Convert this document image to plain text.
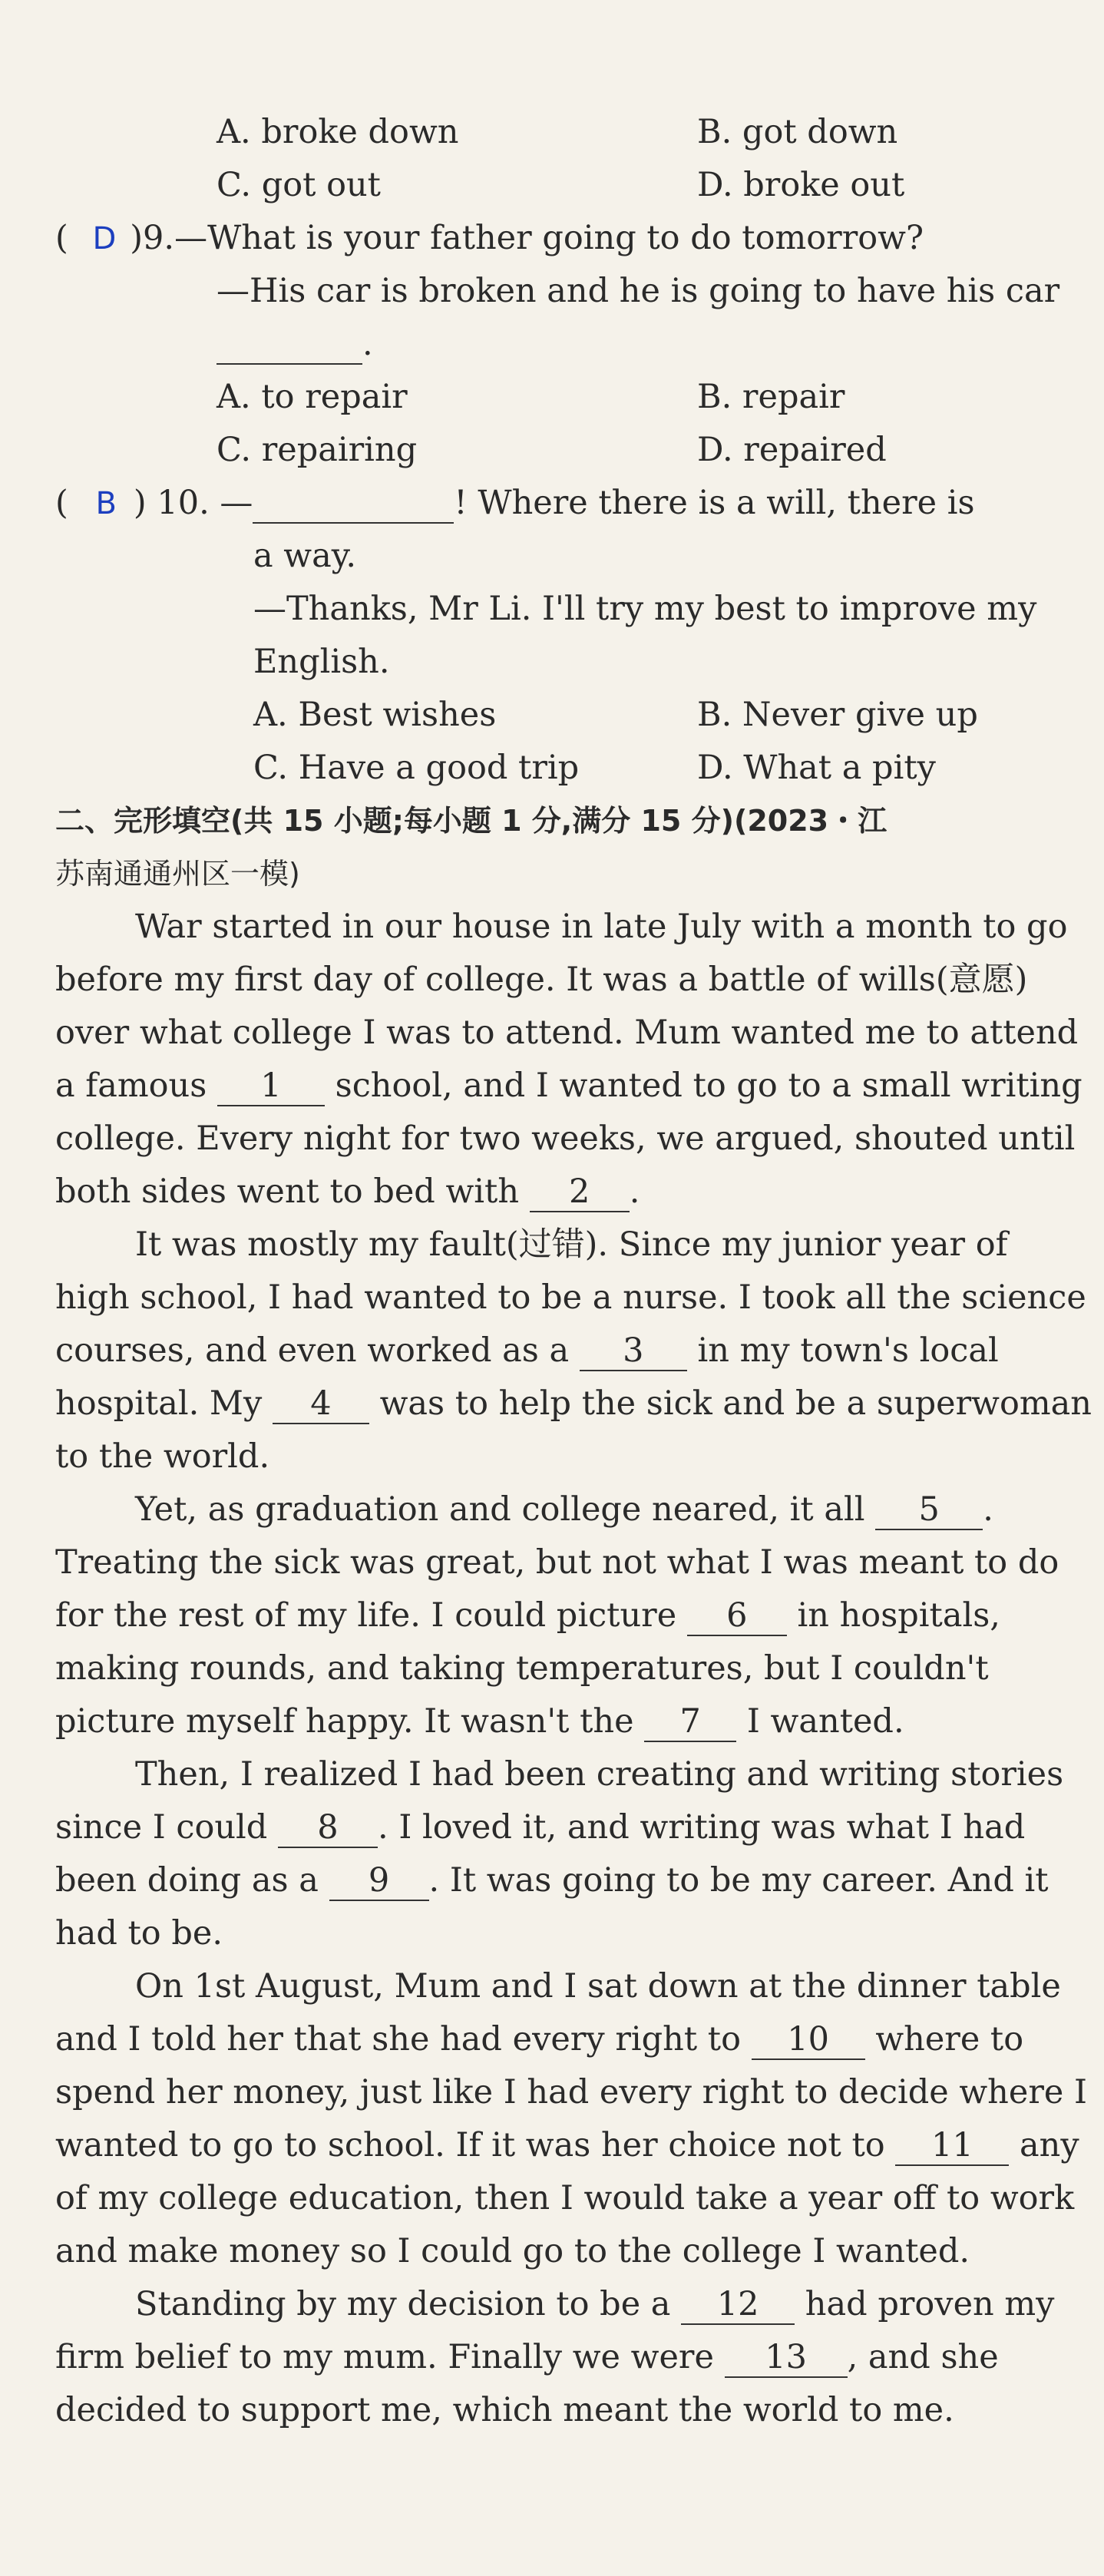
A. broke down	B. got down
C. got out	D. broke out
( D )9.—What is your father going to do tomorrow?
—His car is broken and he is going to have his car
.
A. to repair	B. repair
C. repairing	D. repaired
( B ) 10. —	! Where there is a will, there is
a way.
—Thanks, Mr Li. I'll try my best to improve my
English.
A. Best wishes	B. Never give up
C. Have a good trip	D. What a pity
二、完形填空(共 15 小题;每小题 1 分,满分 15 分)(2023・江
苏南通通州区一模)
War started in our house in late July with a month to go
before my first day of college. It was a battle of wills(意愿)
over what college I was to attend. Mum wanted me to attend
a famous 1 school, and I wanted to go to a small writing
college. Every night for two weeks, we argued, shouted until
both sides went to bed with 2 .
It was mostly my fault(过错). Since my junior year of
high school, I had wanted to be a nurse. I took all the science
courses, and even worked as a 3 in my town's local
hospital. My 4 was to help the sick and be a superwoman
to the world.
Yet, as graduation and college neared, it all 5 .
Treating the sick was great, but not what I was meant to do
for the rest of my life. I could picture 6 in hospitals,
making rounds, and taking temperatures, but I couldn't
picture myself happy. It wasn't the 7 I wanted.
Then, I realized I had been creating and writing stories
since I could 8 . I loved it, and writing was what I had
been doing as a 9 . It was going to be my career. And it
had to be.
On 1st August, Mum and I sat down at the dinner table
and I told her that she had every right to 10 where to
spend her money, just like I had every right to decide where I
wanted to go to school. If it was her choice not to 11 any
of my college education, then I would take a year off to work
and make money so I could go to the college I wanted.
Standing by my decision to be a 12 had proven my
firm belief to my mum. Finally we were 13 , and she
decided to support me, which meant the world to me.
